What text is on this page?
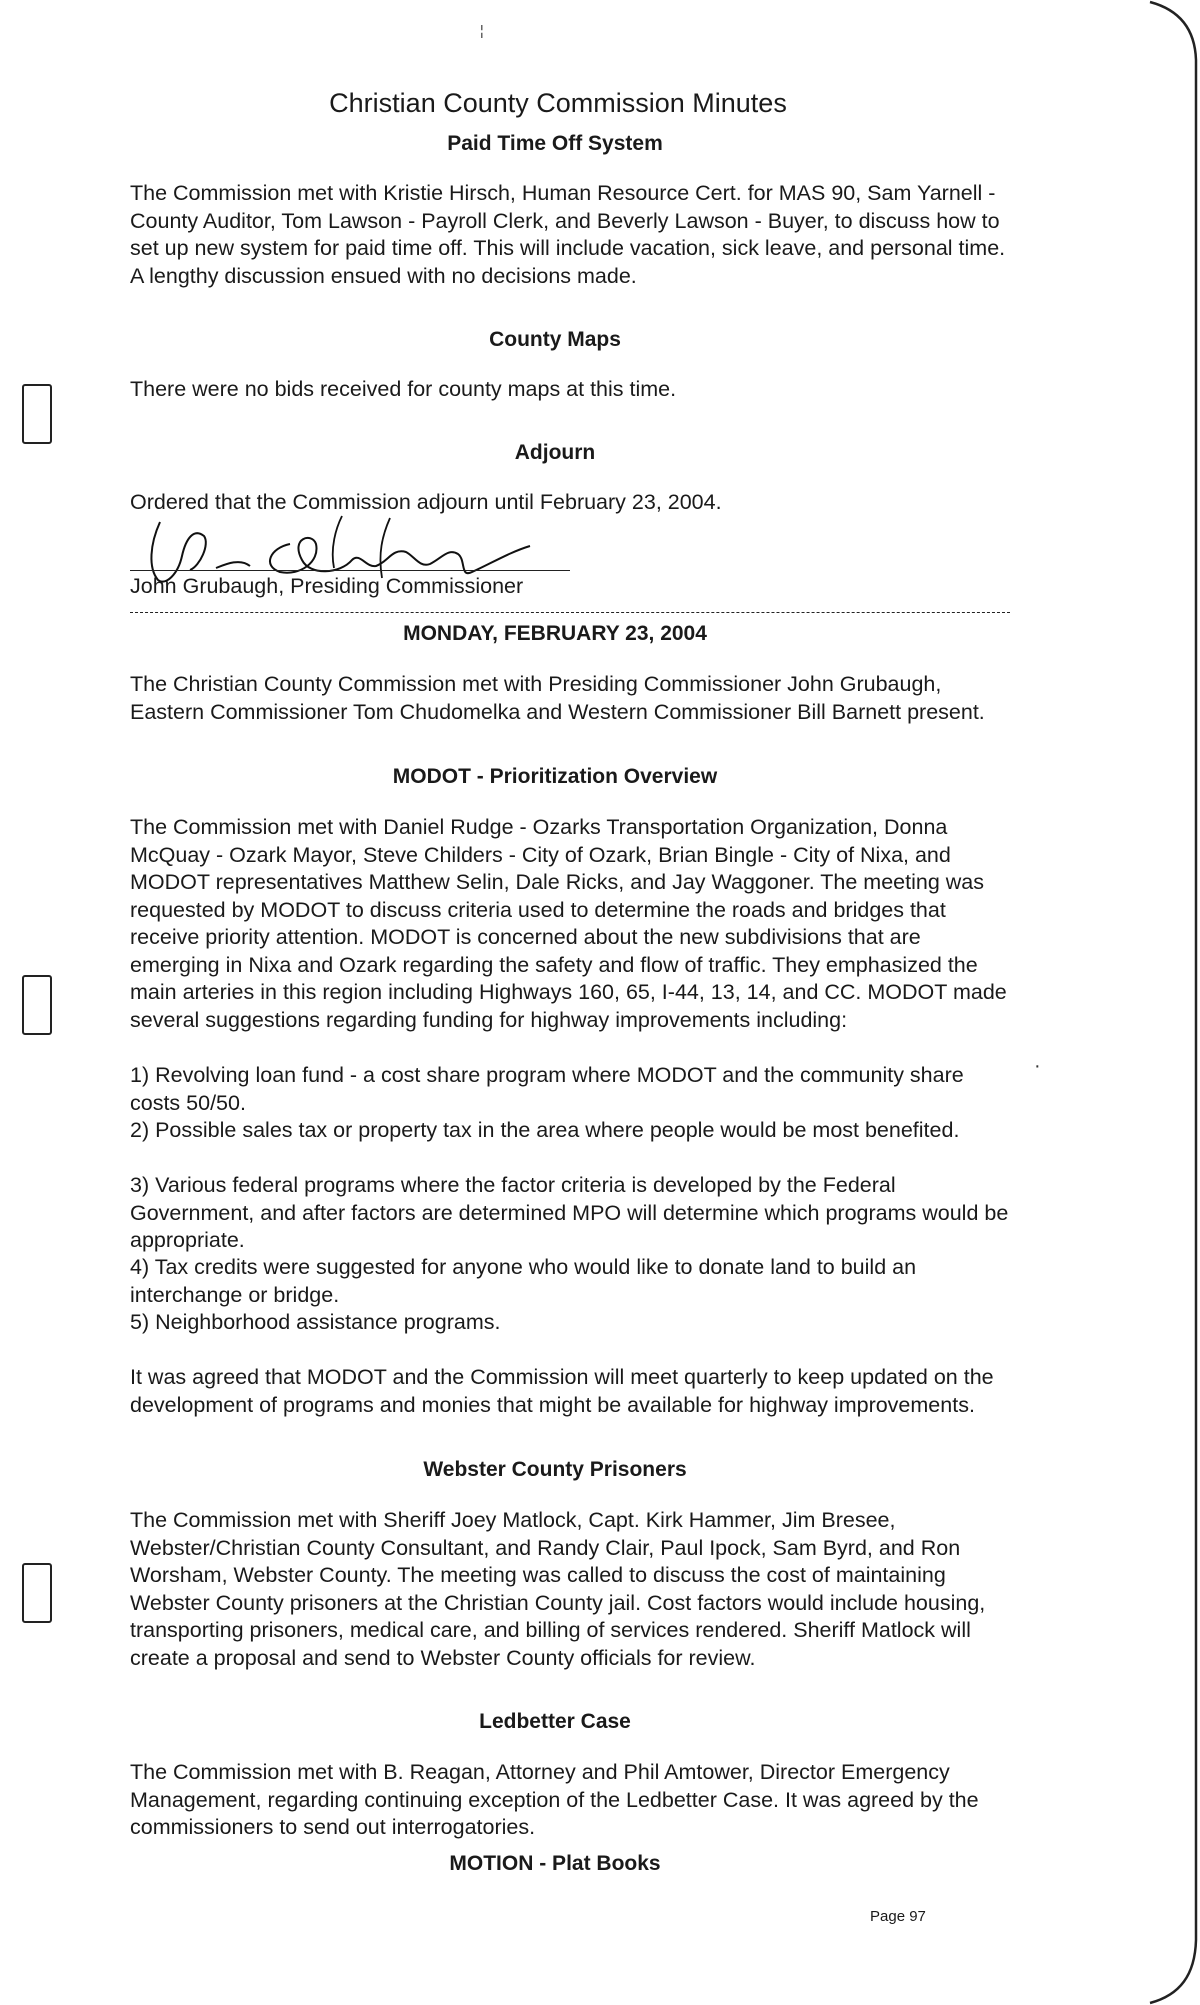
¦
·
Christian County Commission Minutes
Paid Time Off System

The Commission met with Kristie Hirsch, Human Resource Cert. for MAS 90, Sam Yarnell - County Auditor, Tom Lawson - Payroll Clerk, and Beverly Lawson - Buyer, to discuss how to set up new system for paid time off. This will include vacation, sick leave, and personal time. A lengthy discussion ensued with no decisions made.

County Maps

There were no bids received for county maps at this time.

Adjourn

Ordered that the Commission adjourn until February 23, 2004.

John Grubaugh, Presiding Commissioner
MONDAY, FEBRUARY 23, 2004

The Christian County Commission met with Presiding Commissioner John Grubaugh, Eastern Commissioner Tom Chudomelka and Western Commissioner Bill Barnett present.

MODOT - Prioritization Overview

The Commission met with Daniel Rudge - Ozarks Transportation Organization, Donna McQuay - Ozark Mayor, Steve Childers - City of Ozark, Brian Bingle - City of Nixa, and MODOT representatives Matthew Selin, Dale Ricks, and Jay Waggoner. The meeting was requested by MODOT to discuss criteria used to determine the roads and bridges that receive priority attention. MODOT is concerned about the new subdivisions that are emerging in Nixa and Ozark regarding the safety and flow of traffic. They emphasized the main arteries in this region including Highways 160, 65, I-44, 13, 14, and CC. MODOT made several suggestions regarding funding for highway improvements including:

1) Revolving loan fund - a cost share program where MODOT and the community share costs 50/50.

2) Possible sales tax or property tax in the area where people would be most benefited.

3) Various federal programs where the factor criteria is developed by the Federal Government, and after factors are determined MPO will determine which programs would be appropriate.

4) Tax credits were suggested for anyone who would like to donate land to build an interchange or bridge.

5) Neighborhood assistance programs.

It was agreed that MODOT and the Commission will meet quarterly to keep updated on the development of programs and monies that might be available for highway improvements.

Webster County Prisoners

The Commission met with Sheriff Joey Matlock, Capt. Kirk Hammer, Jim Bresee, Webster/Christian County Consultant, and Randy Clair, Paul Ipock, Sam Byrd, and Ron Worsham, Webster County. The meeting was called to discuss the cost of maintaining Webster County prisoners at the Christian County jail. Cost factors would include housing, transporting prisoners, medical care, and billing of services rendered. Sheriff Matlock will create a proposal and send to Webster County officials for review.

Ledbetter Case

The Commission met with B. Reagan, Attorney and Phil Amtower, Director Emergency Management, regarding continuing exception of the Ledbetter Case. It was agreed by the commissioners to send out interrogatories.

MOTION - Plat Books
Page 97
